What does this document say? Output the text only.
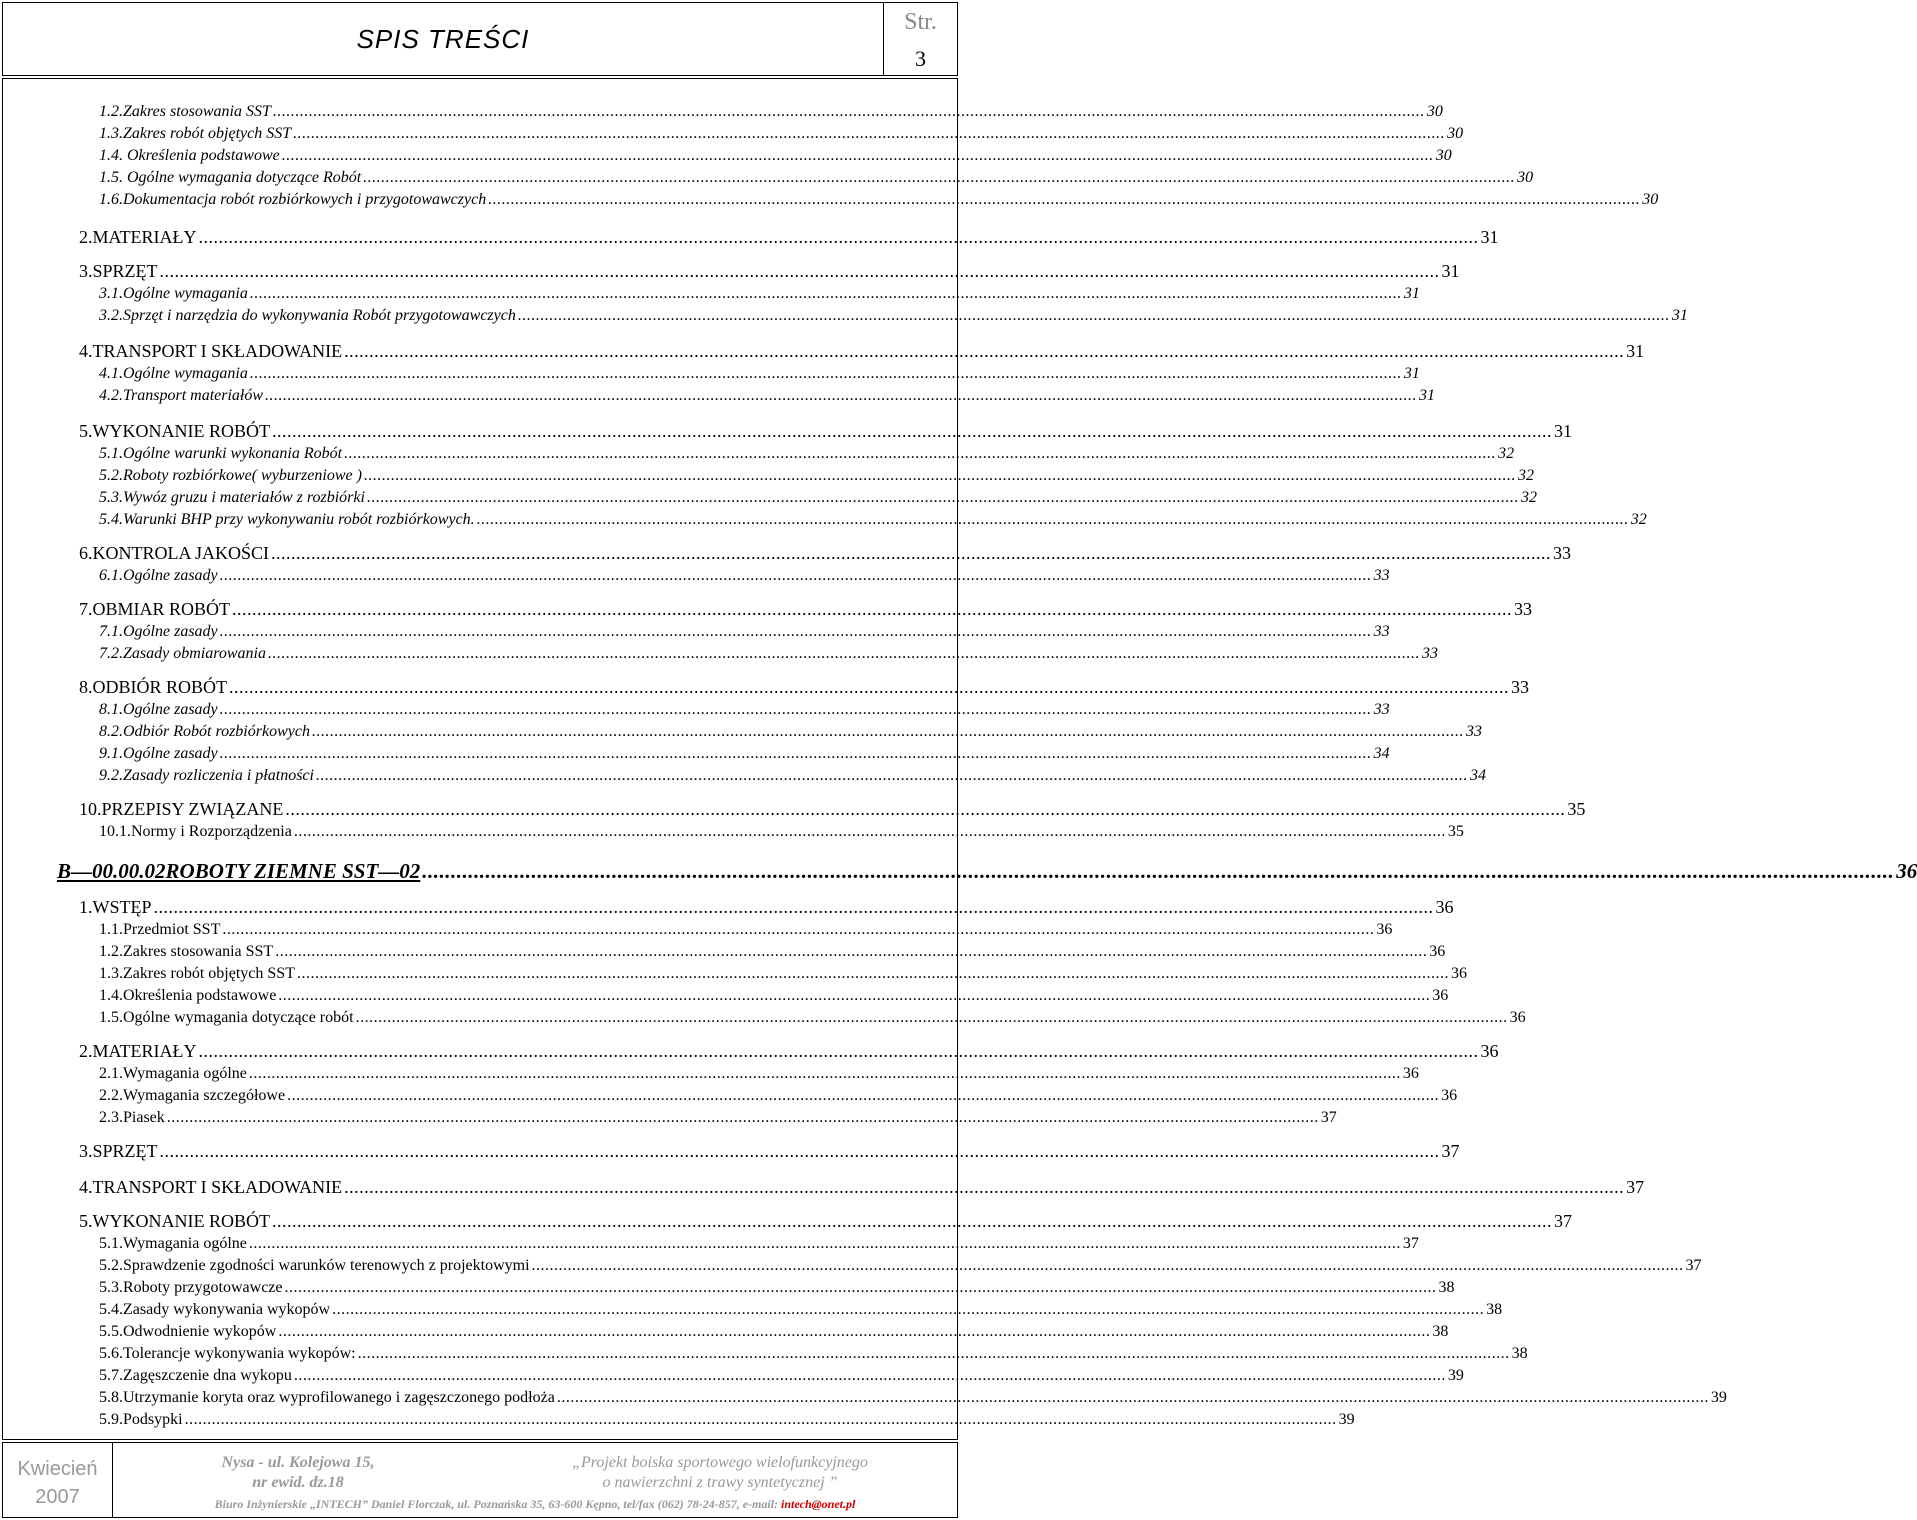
SPIS TREŚCI
Str.
3
1.2.Zakres stosowania SST .....	30
1.3.Zakres robót objętych SST .....	30
1.4. Określenia podstawowe .....	30
1.5. Ogólne wymagania dotyczące Robót .....	30
1.6.Dokumentacja robót rozbiórkowych i przygotowawczych .....	30
2.MATERIAŁY .....	31
3.SPRZĘT .....	31
3.1.Ogólne wymagania .....	31
3.2.Sprzęt i narzędzia do wykonywania Robót przygotowawczych .....	31
4.TRANSPORT I SKŁADOWANIE .....	31
4.1.Ogólne wymagania .....	31
4.2.Transport materiałów .....	31
5.WYKONANIE ROBÓT .....	31
5.1.Ogólne warunki wykonania Robót .....	32
5.2.Roboty rozbiórkowe( wyburzeniowe ) .....	32
5.3.Wywóz gruzu i materiałów z rozbiórki .....	32
5.4.Warunki BHP przy wykonywaniu robót rozbiórkowych. .....	32
6.KONTROLA JAKOŚCI .....	33
6.1.Ogólne zasady .....	33
7.OBMIAR ROBÓT .....	33
7.1.Ogólne zasady .....	33
7.2.Zasady obmiarowania .....	33
8.ODBIÓR ROBÓT .....	33
8.1.Ogólne zasady .....	33
8.2.Odbiór Robót rozbiórkowych .....	33
9.1.Ogólne zasady .....	34
9.2.Zasady rozliczenia i płatności .....	34
10.PRZEPISY ZWIĄZANE .....	35
10.1.Normy i Rozporządzenia .....	35
B—00.00.02 ROBOTY ZIEMNE SST—02 .....	36
1.WSTĘP .....	36
1.1.Przedmiot SST .....	36
1.2.Zakres stosowania SST .....	36
1.3.Zakres robót objętych SST .....	36
1.4.Określenia podstawowe .....	36
1.5.Ogólne wymagania dotyczące robót .....	36
2.MATERIAŁY .....	36
2.1.Wymagania ogólne .....	36
2.2.Wymagania szczegółowe .....	36
2.3.Piasek .....	37
3.SPRZĘT .....	37
4.TRANSPORT I SKŁADOWANIE .....	37
5.WYKONANIE ROBÓT .....	37
5.1.Wymagania ogólne .....	37
5.2.Sprawdzenie zgodności warunków terenowych z projektowymi .....	37
5.3.Roboty przygotowawcze .....	38
5.4.Zasady wykonywania wykopów .....	38
5.5.Odwodnienie wykopów .....	38
5.6.Tolerancje wykonywania wykopów: .....	38
5.7.Zagęszczenie dna wykopu .....	39
5.8.Utrzymanie koryta oraz wyprofilowanego i zagęszczonego podłoża .....	39
5.9.Podsypki .....	39
Kwiecień
2007
Nysa - ul. Kolejowa 15,
nr ewid. dz.18
„Projekt boiska sportowego wielofunkcyjnego
o nawierzchni z trawy syntetycznej ”
Biuro Inżynierskie „INTECH” Daniel Florczak, ul. Poznańska 35, 63-600 Kępno, tel/fax (062) 78-24-857, e-mail: intech@onet.pl
